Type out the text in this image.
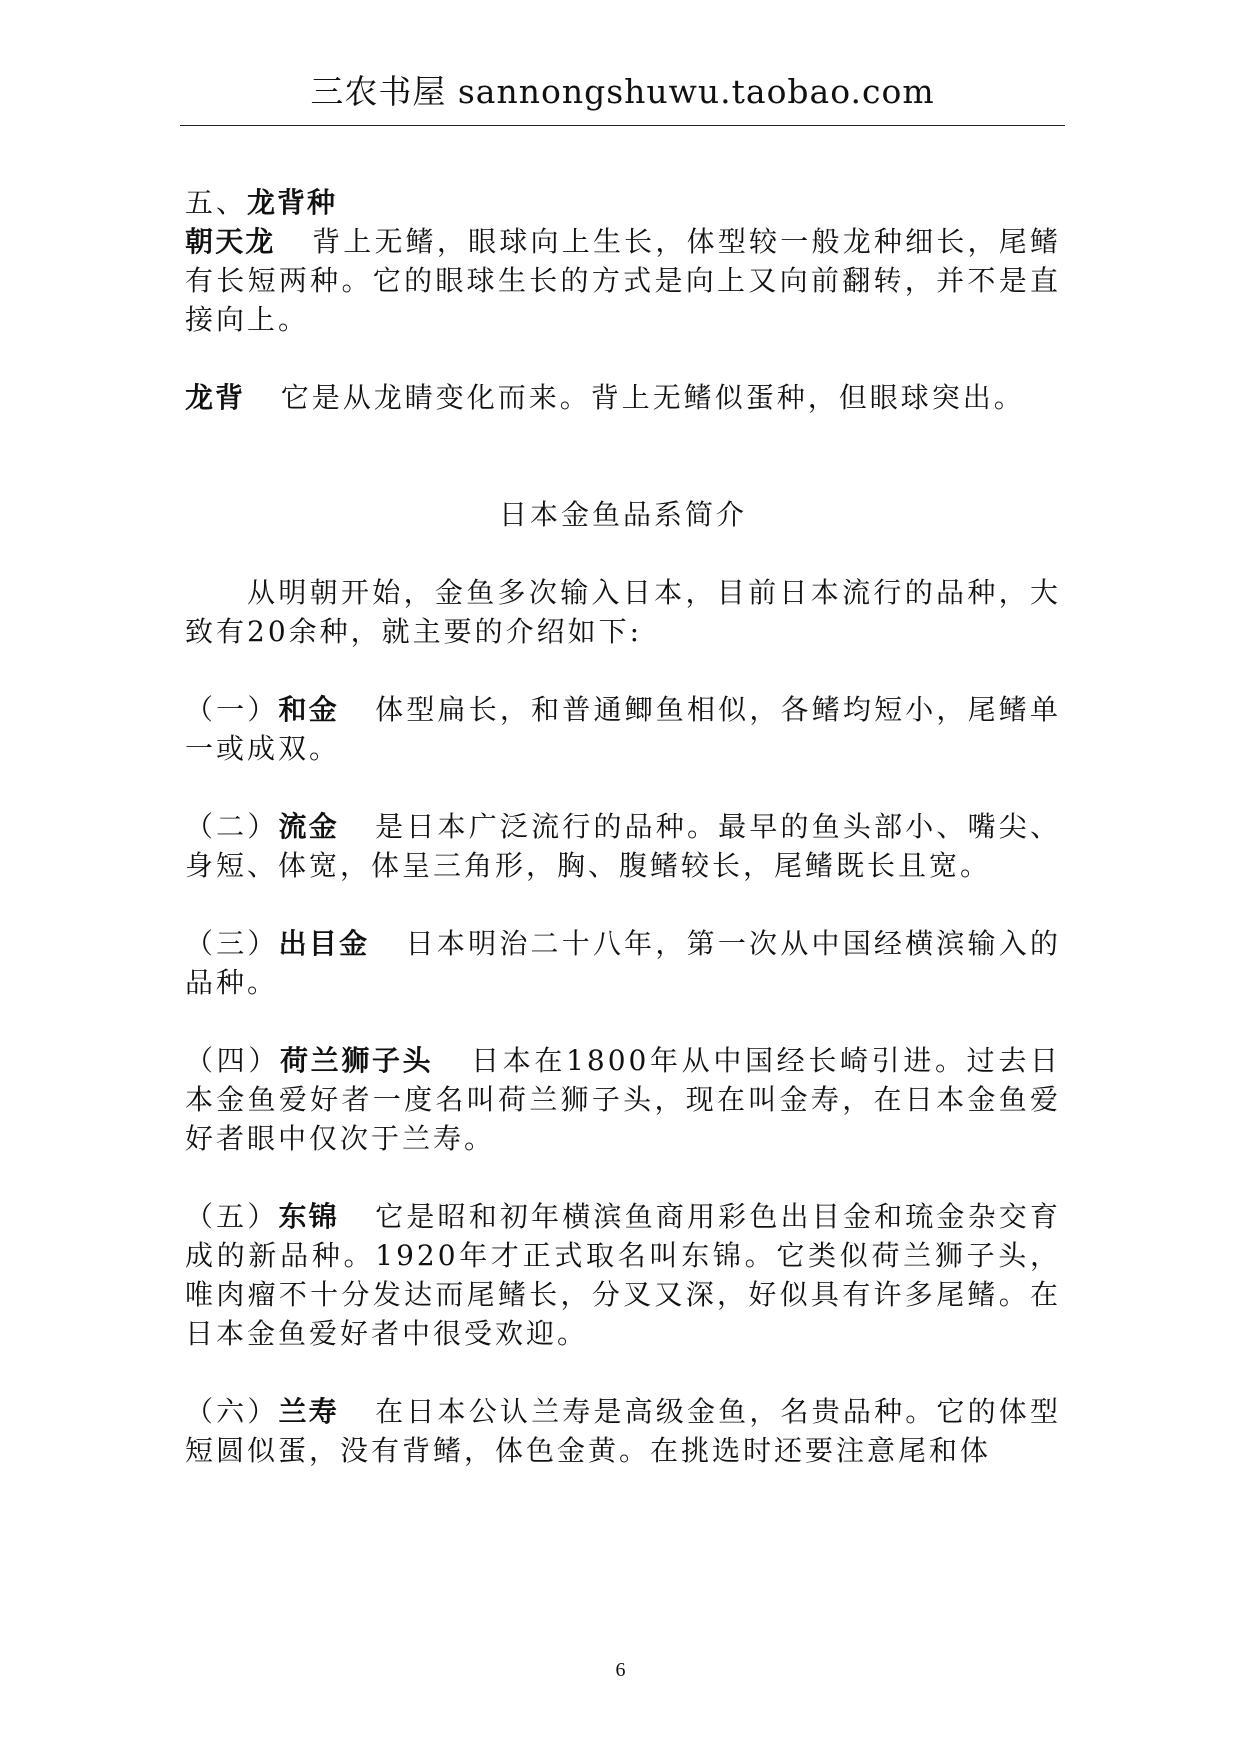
三农书屋 sannongshuwu.taobao.com

五、龙背种

朝天龙 背上无鳍，眼球向上生长，体型较一般龙种细长，尾鳍有长短两种。它的眼球生长的方式是向上又向前翻转，并不是直接向上。

龙背 它是从龙睛变化而来。背上无鳍似蛋种，但眼球突出。

日本金鱼品系简介

从明朝开始，金鱼多次输入日本，目前日本流行的品种，大致有20余种，就主要的介绍如下:

（一）和金 体型扁长，和普通鲫鱼相似，各鳍均短小，尾鳍单一或成双。

（二）流金 是日本广泛流行的品种。最早的鱼头部小、嘴尖、身短、体宽，体呈三角形，胸、腹鳍较长，尾鳍既长且宽。

（三）出目金 日本明治二十八年，第一次从中国经横滨输入的品种。

（四）荷兰狮子头 日本在1800年从中国经长崎引进。过去日本金鱼爱好者一度名叫荷兰狮子头，现在叫金寿，在日本金鱼爱好者眼中仅次于兰寿。

（五）东锦 它是昭和初年横滨鱼商用彩色出目金和琉金杂交育成的新品种。1920年才正式取名叫东锦。它类似荷兰狮子头，唯肉瘤不十分发达而尾鳍长，分叉又深，好似具有许多尾鳍。在日本金鱼爱好者中很受欢迎。

（六）兰寿 在日本公认兰寿是高级金鱼，名贵品种。它的体型短圆似蛋，没有背鳍，体色金黄。在挑选时还要注意尾和体

6
